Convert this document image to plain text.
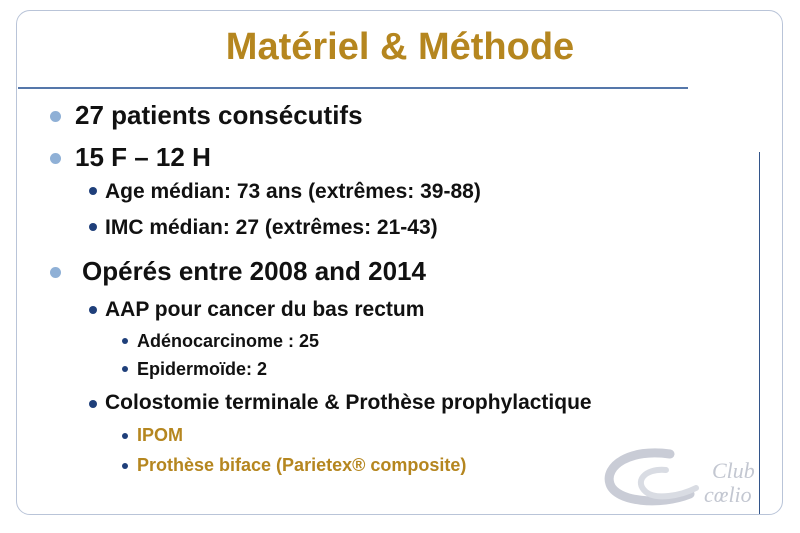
Matériel & Méthode
27 patients consécutifs
15 F – 12 H
Age médian: 73 ans (extrêmes: 39-88)
IMC médian: 27 (extrêmes: 21-43)
Opérés entre 2008 and 2014
AAP pour cancer du bas rectum
Adénocarcinome : 25
Epidermoïde: 2
Colostomie terminale & Prothèse prophylactique
IPOM
Prothèse biface (Parietex® composite)	Club
cœlio
